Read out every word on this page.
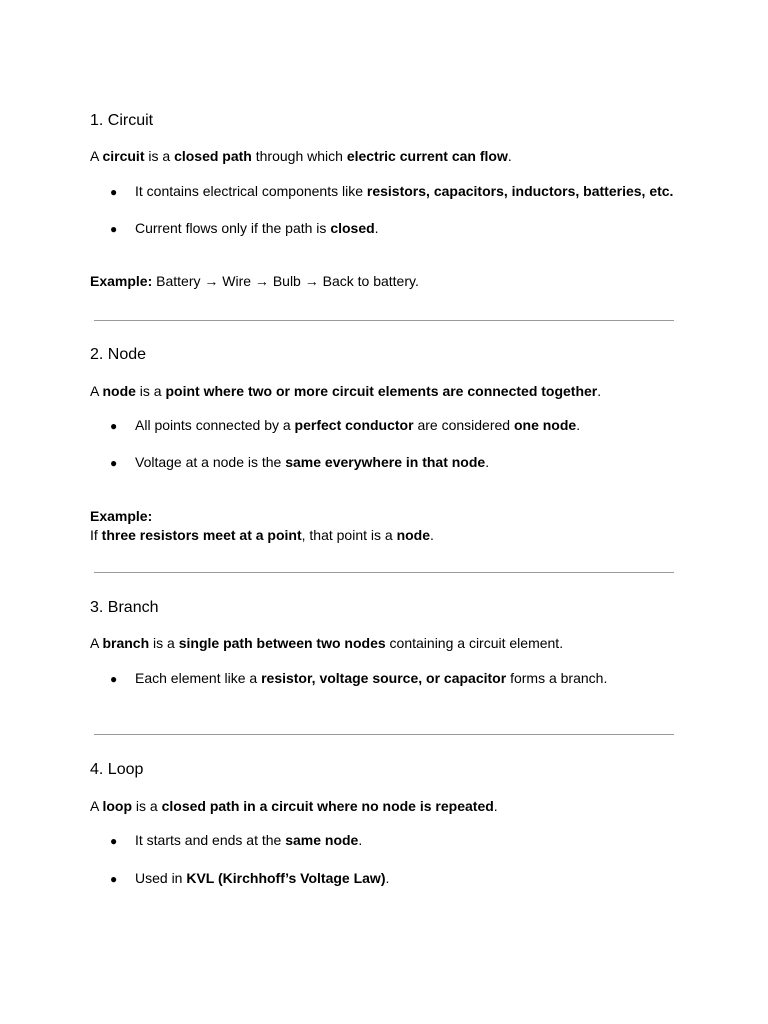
1. Circuit

A circuit is a closed path through which electric current can flow.

● It contains electrical components like resistors, capacitors, inductors, batteries, etc.
● Current flows only if the path is closed.

Example: Battery → Wire → Bulb → Back to battery.

2. Node

A node is a point where two or more circuit elements are connected together.

● All points connected by a perfect conductor are considered one node.
● Voltage at a node is the same everywhere in that node.

Example:

If three resistors meet at a point, that point is a node.

3. Branch

A branch is a single path between two nodes containing a circuit element.

● Each element like a resistor, voltage source, or capacitor forms a branch.
4. Loop

A loop is a closed path in a circuit where no node is repeated.

● It starts and ends at the same node.
● Used in KVL (Kirchhoff’s Voltage Law).
